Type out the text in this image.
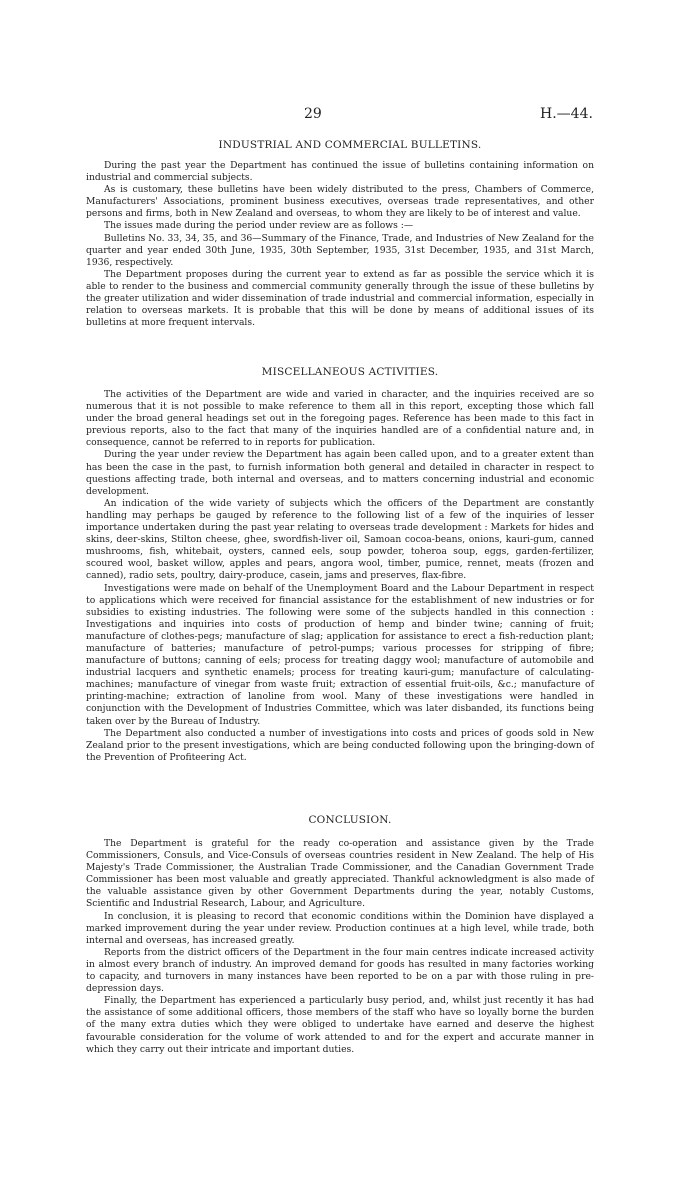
29	H.—44.
INDUSTRIAL AND COMMERCIAL BULLETINS.

During the past year the Department has continued the issue of bulletins containing information on industrial and commercial subjects.

As is customary, these bulletins have been widely distributed to the press, Chambers of Commerce, Manufacturers' Associations, prominent business executives, overseas trade representatives, and other persons and firms, both in New Zealand and overseas, to whom they are likely to be of interest and value.

The issues made during the period under review are as follows :—

Bulletins No. 33, 34, 35, and 36—Summary of the Finance, Trade, and Industries of New Zealand for the quarter and year ended 30th June, 1935, 30th September, 1935, 31st December, 1935, and 31st March, 1936, respectively.

The Department proposes during the current year to extend as far as possible the service which it is able to render to the business and commercial community generally through the issue of these bulletins by the greater utilization and wider dissemination of trade industrial and commercial information, especially in relation to overseas markets. It is probable that this will be done by means of additional issues of its bulletins at more frequent intervals.

MISCELLANEOUS ACTIVITIES.

The activities of the Department are wide and varied in character, and the inquiries received are so numerous that it is not possible to make reference to them all in this report, excepting those which fall under the broad general headings set out in the foregoing pages. Reference has been made to this fact in previous reports, also to the fact that many of the inquiries handled are of a confidential nature and, in consequence, cannot be referred to in reports for publication.

During the year under review the Department has again been called upon, and to a greater extent than has been the case in the past, to furnish information both general and detailed in character in respect to questions affecting trade, both internal and overseas, and to matters concerning industrial and economic development.

An indication of the wide variety of subjects which the officers of the Department are constantly handling may perhaps be gauged by reference to the following list of a few of the inquiries of lesser importance undertaken during the past year relating to overseas trade development : Markets for hides and skins, deer-skins, Stilton cheese, ghee, swordfish-liver oil, Samoan cocoa-beans, onions, kauri-gum, canned mushrooms, fish, whitebait, oysters, canned eels, soup powder, toheroa soup, eggs, garden-fertilizer, scoured wool, basket willow, apples and pears, angora wool, timber, pumice, rennet, meats (frozen and canned), radio sets, poultry, dairy-produce, casein, jams and preserves, flax-fibre.

Investigations were made on behalf of the Unemployment Board and the Labour Department in respect to applications which were received for financial assistance for the establishment of new industries or for subsidies to existing industries. The following were some of the subjects handled in this connection : Investigations and inquiries into costs of production of hemp and binder twine; canning of fruit; manufacture of clothes-pegs; manufacture of slag; application for assistance to erect a fish-reduction plant; manufacture of batteries; manufacture of petrol-pumps; various processes for stripping of fibre; manufacture of buttons; canning of eels; process for treating daggy wool; manufacture of automobile and industrial lacquers and synthetic enamels; process for treating kauri-gum; manufacture of calculating-machines; manufacture of vinegar from waste fruit; extraction of essential fruit-oils, &c.; manufacture of printing-machine; extraction of lanoline from wool. Many of these investigations were handled in conjunction with the Development of Industries Committee, which was later disbanded, its functions being taken over by the Bureau of Industry.

The Department also conducted a number of investigations into costs and prices of goods sold in New Zealand prior to the present investigations, which are being conducted following upon the bringing-down of the Prevention of Profiteering Act.

CONCLUSION.

The Department is grateful for the ready co-operation and assistance given by the Trade Commissioners, Consuls, and Vice-Consuls of overseas countries resident in New Zealand. The help of His Majesty's Trade Commissioner, the Australian Trade Commissioner, and the Canadian Government Trade Commissioner has been most valuable and greatly appreciated. Thankful acknowledgment is also made of the valuable assistance given by other Government Departments during the year, notably Customs, Scientific and Industrial Research, Labour, and Agriculture.

In conclusion, it is pleasing to record that economic conditions within the Dominion have displayed a marked improvement during the year under review. Production continues at a high level, while trade, both internal and overseas, has increased greatly.

Reports from the district officers of the Department in the four main centres indicate increased activity in almost every branch of industry. An improved demand for goods has resulted in many factories working to capacity, and turnovers in many instances have been reported to be on a par with those ruling in pre-depression days.

Finally, the Department has experienced a particularly busy period, and, whilst just recently it has had the assistance of some additional officers, those members of the staff who have so loyally borne the burden of the many extra duties which they were obliged to undertake have earned and deserve the highest favourable consideration for the volume of work attended to and for the expert and accurate manner in which they carry out their intricate and important duties.
